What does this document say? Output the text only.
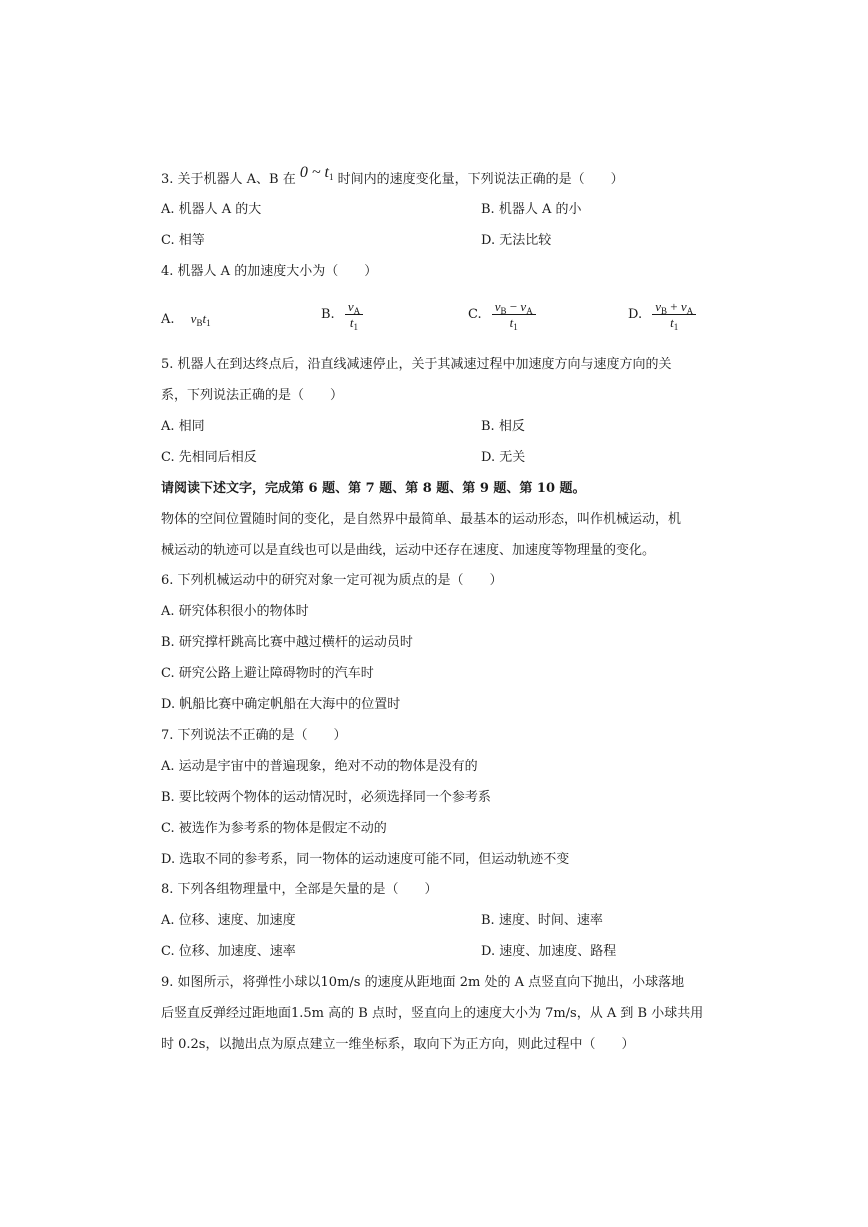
3. 关于机器人 A、B 在 0 ~ t1 时间内的速度变化量，下列说法正确的是（　　）
A. 机器人 A 的大	B. 机器人 A 的小
C. 相等	D. 无法比较
4. 机器人 A 的加速度大小为（　　）
A. $v_Bt_1$
B. $\frac{v_A}{t_1}$	C. $\frac{v_B - v_A}{t_1}$	D. $\frac{v_B + v_A}{t_1}$
5. 机器人在到达终点后，沿直线减速停止，关于其减速过程中加速度方向与速度方向的关
系，下列说法正确的是（　　）
A. 相同	B. 相反
C. 先相同后相反	D. 无关
请阅读下述文字，完成第 6 题、第 7 题、第 8 题、第 9 题、第 10 题。
物体的空间位置随时间的变化，是自然界中最简单、最基本的运动形态，叫作机械运动，机
械运动的轨迹可以是直线也可以是曲线，运动中还存在速度、加速度等物理量的变化。
6. 下列机械运动中的研究对象一定可视为质点的是（　　）
A. 研究体积很小的物体时
B. 研究撑杆跳高比赛中越过横杆的运动员时
C. 研究公路上避让障碍物时的汽车时
D. 帆船比赛中确定帆船在大海中的位置时
7. 下列说法不正确的是（　　）
A. 运动是宇宙中的普遍现象，绝对不动的物体是没有的
B. 要比较两个物体的运动情况时，必须选择同一个参考系
C. 被选作为参考系的物体是假定不动的
D. 选取不同的参考系，同一物体的运动速度可能不同，但运动轨迹不变
8. 下列各组物理量中，全部是矢量的是（　　）
A. 位移、速度、加速度	B. 速度、时间、速率
C. 位移、加速度、速率	D. 速度、加速度、路程
9. 如图所示，将弹性小球以10m/s 的速度从距地面 2m 处的 A 点竖直向下抛出，小球落地
后竖直反弹经过距地面1.5m 高的 B 点时，竖直向上的速度大小为 7m/s，从 A 到 B 小球共用
时 0.2s，以抛出点为原点建立一维坐标系，取向下为正方向，则此过程中（　　）
